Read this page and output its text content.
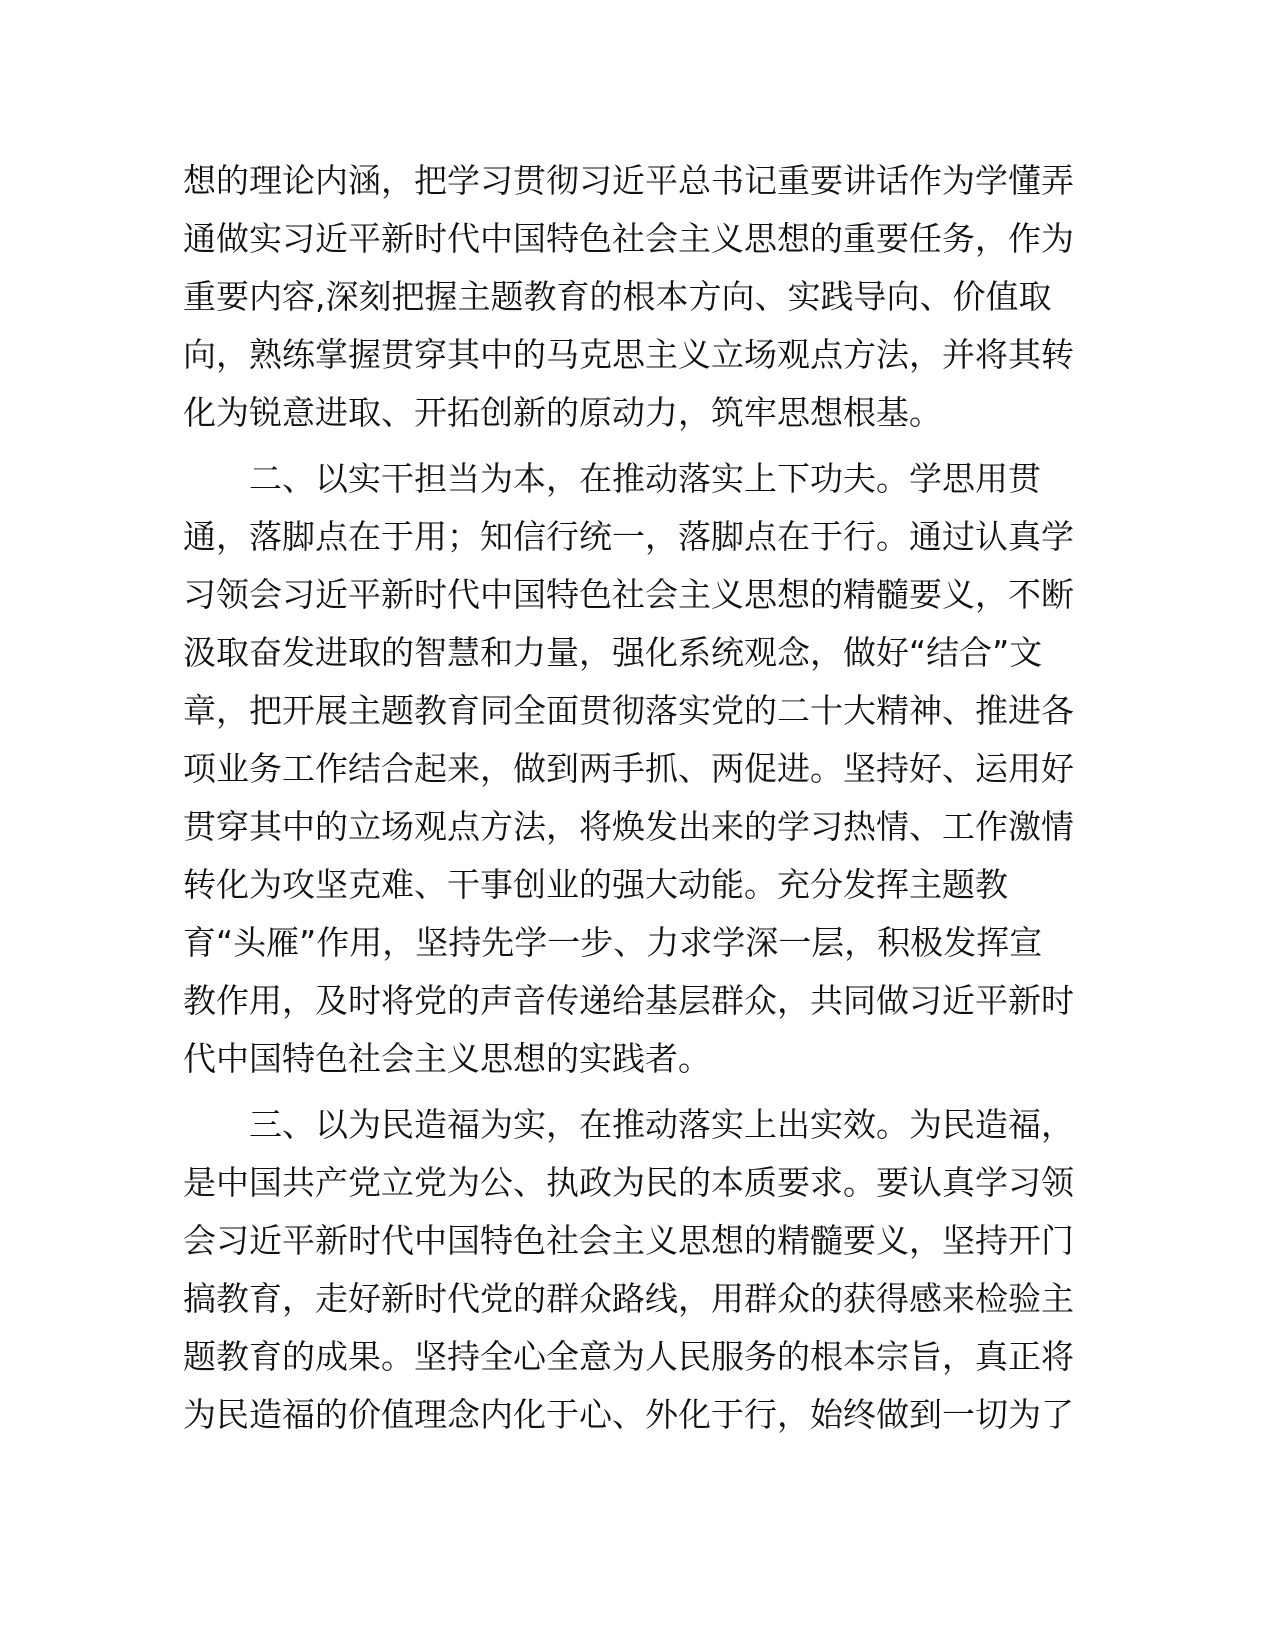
想的理论内涵，把学习贯彻习近平总书记重要讲话作为学懂弄
通做实习近平新时代中国特色社会主义思想的重要任务，作为
重要内容,深刻把握主题教育的根本方向、实践导向、价值取
向，熟练掌握贯穿其中的马克思主义立场观点方法，并将其转
化为锐意进取、开拓创新的原动力，筑牢思想根基。
　　二、以实干担当为本，在推动落实上下功夫。学思用贯
通，落脚点在于用；知信行统一，落脚点在于行。通过认真学
习领会习近平新时代中国特色社会主义思想的精髓要义，不断
汲取奋发进取的智慧和力量，强化系统观念，做好“结合”文
章，把开展主题教育同全面贯彻落实党的二十大精神、推进各
项业务工作结合起来，做到两手抓、两促进。坚持好、运用好
贯穿其中的立场观点方法，将焕发出来的学习热情、工作激情
转化为攻坚克难、干事创业的强大动能。充分发挥主题教
育“头雁”作用，坚持先学一步、力求学深一层，积极发挥宣
教作用，及时将党的声音传递给基层群众，共同做习近平新时
代中国特色社会主义思想的实践者。
　　三、以为民造福为实，在推动落实上出实效。为民造福，
是中国共产党立党为公、执政为民的本质要求。要认真学习领
会习近平新时代中国特色社会主义思想的精髓要义，坚持开门
搞教育，走好新时代党的群众路线，用群众的获得感来检验主
题教育的成果。坚持全心全意为人民服务的根本宗旨，真正将
为民造福的价值理念内化于心、外化于行，始终做到一切为了
